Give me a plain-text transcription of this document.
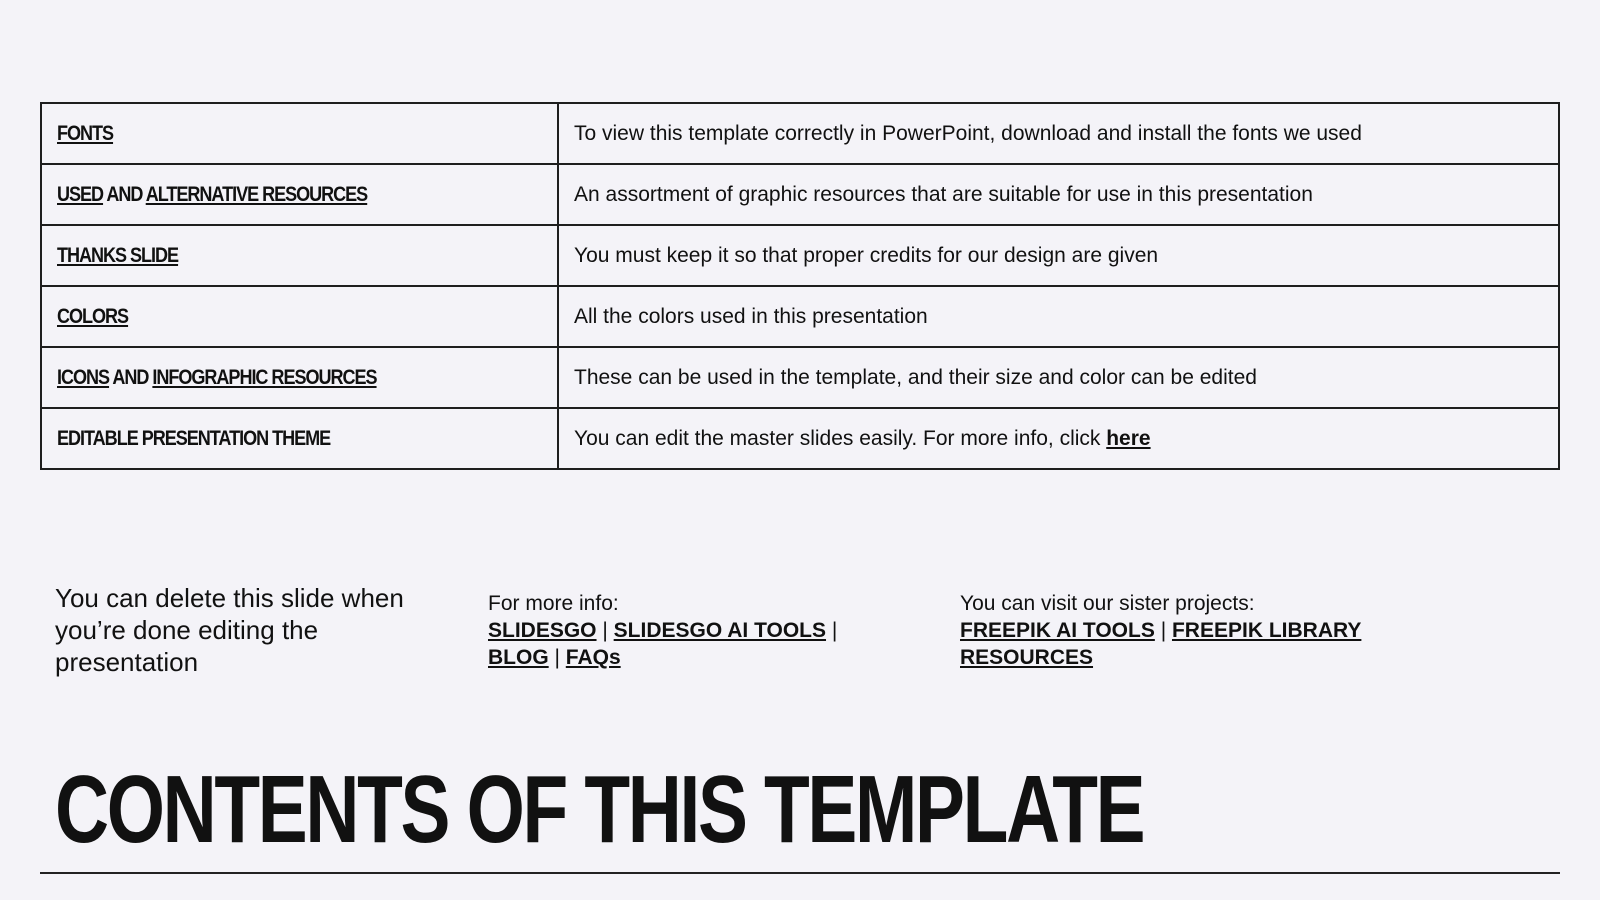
FONTS	To view this template correctly in PowerPoint, download and install the fonts we used
USED AND ALTERNATIVE RESOURCES	An assortment of graphic resources that are suitable for use in this presentation
THANKS SLIDE	You must keep it so that proper credits for our design are given
COLORS	All the colors used in this presentation
ICONS AND INFOGRAPHIC RESOURCES	These can be used in the template, and their size and color can be edited
EDITABLE PRESENTATION THEME	You can edit the master slides easily. For more info, click here
You can delete this slide when you’re done editing the presentation
For more info:
SLIDESGO | SLIDESGO AI TOOLS |
BLOG | FAQs
You can visit our sister projects:
FREEPIK AI TOOLS | FREEPIK LIBRARY RESOURCES
CONTENTS OF THIS TEMPLATE
